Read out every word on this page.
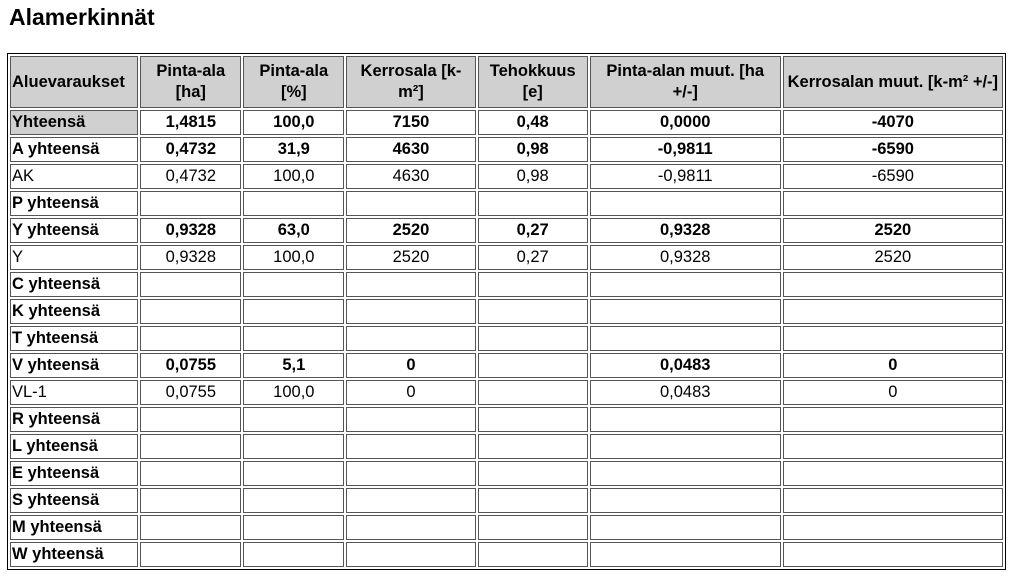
Alamerkinnät
Aluevaraukset	Pinta-ala [ha]	Pinta-ala [%]	Kerrosala [k-m²]	Tehokkuus [e]	Pinta-alan muut. [ha +/-]	Kerrosalan muut. [k-m² +/-]
Yhteensä	1,4815	100,0	7150	0,48	0,0000	-4070
A yhteensä	0,4732	31,9	4630	0,98	-0,9811	-6590
AK	0,4732	100,0	4630	0,98	-0,9811	-6590
P yhteensä						
Y yhteensä	0,9328	63,0	2520	0,27	0,9328	2520
Y	0,9328	100,0	2520	0,27	0,9328	2520
C yhteensä						
K yhteensä						
T yhteensä						
V yhteensä	0,0755	5,1	0		0,0483	0
VL-1	0,0755	100,0	0		0,0483	0
R yhteensä						
L yhteensä						
E yhteensä						
S yhteensä						
M yhteensä						
W yhteensä						
